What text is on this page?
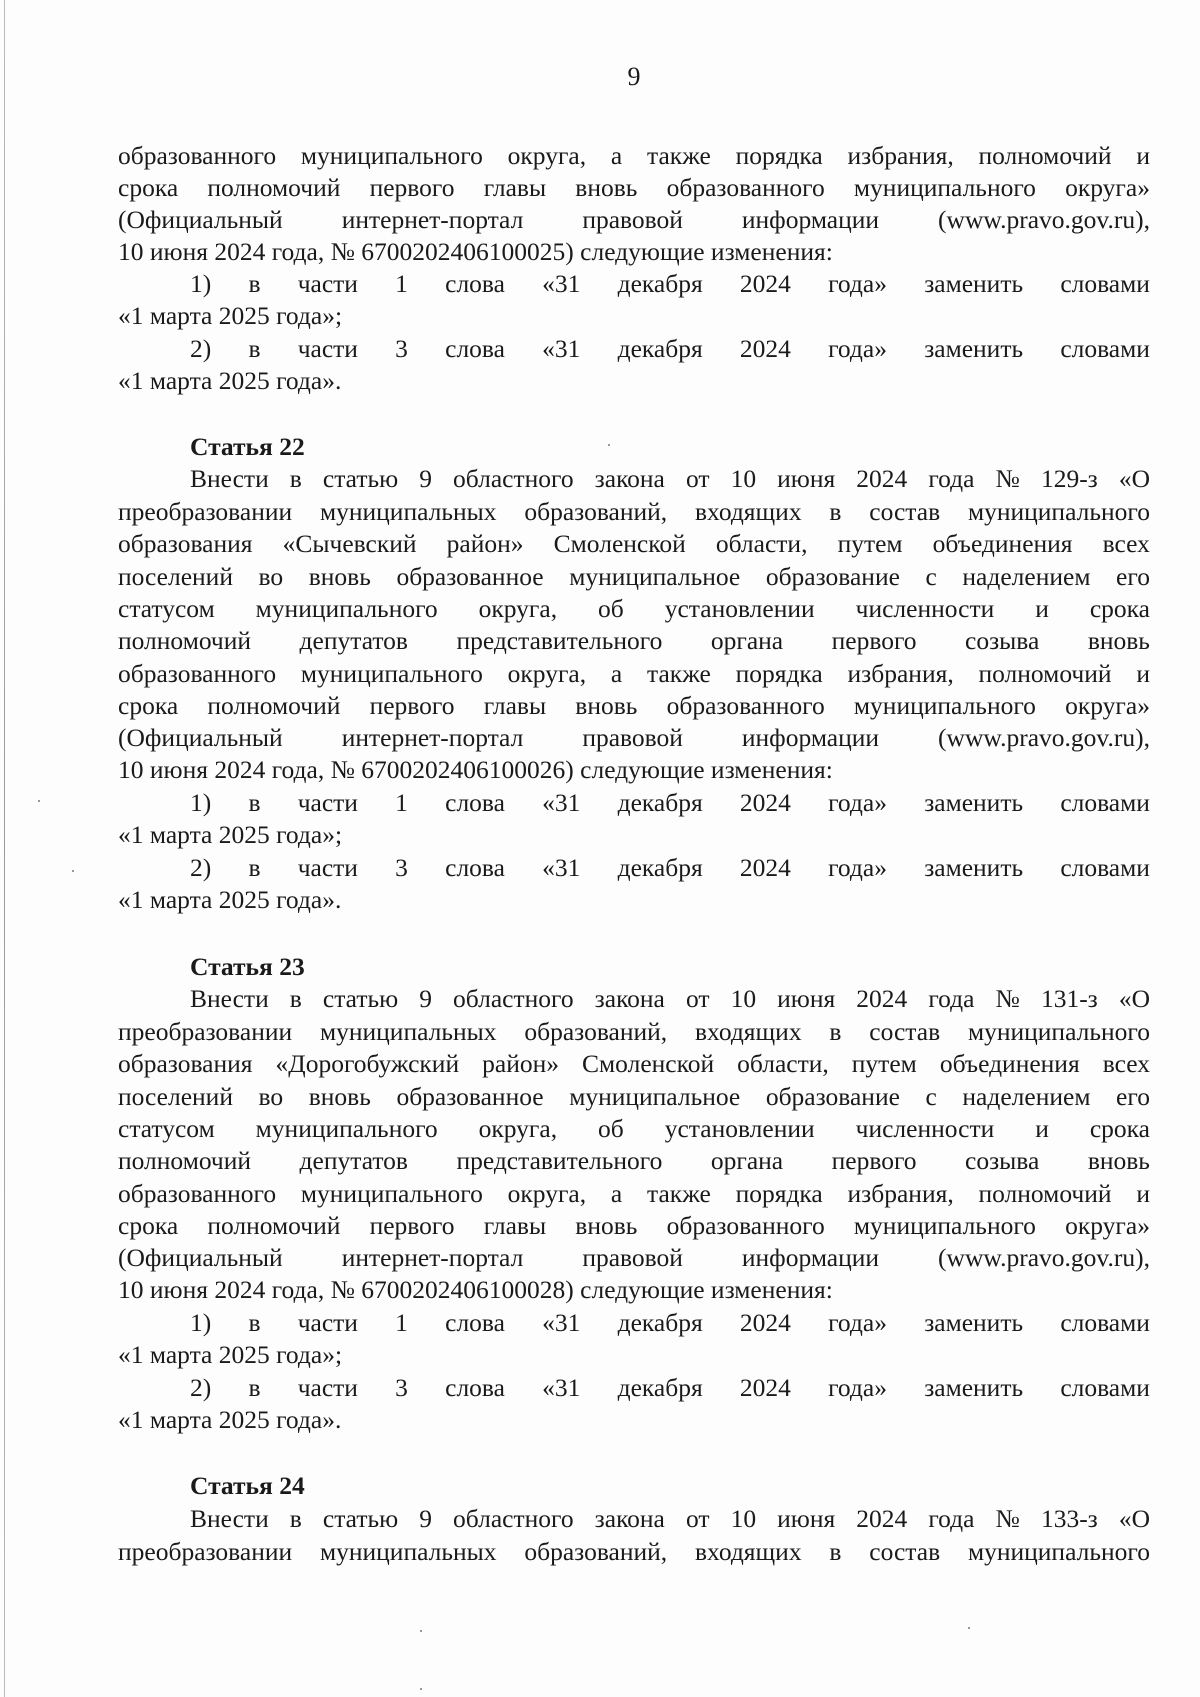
9
образованного муниципального округа, а также порядка избрания, полномочий и
срока полномочий первого главы вновь образованного муниципального округа»
(Официальный интернет-портал правовой информации (www.pravo.gov.ru),
10 июня 2024 года, № 6700202406100025) следующие изменения:
1) в части 1 слова «31 декабря 2024 года» заменить словами
«1 марта 2025 года»;
2) в части 3 слова «31 декабря 2024 года» заменить словами
«1 марта 2025 года».
Статья 22
Внести в статью 9 областного закона от 10 июня 2024 года № 129-з «О
преобразовании муниципальных образований, входящих в состав муниципального
образования «Сычевский район» Смоленской области, путем объединения всех
поселений во вновь образованное муниципальное образование с наделением его
статусом муниципального округа, об установлении численности и срока
полномочий депутатов представительного органа первого созыва вновь
образованного муниципального округа, а также порядка избрания, полномочий и
срока полномочий первого главы вновь образованного муниципального округа»
(Официальный интернет-портал правовой информации (www.pravo.gov.ru),
10 июня 2024 года, № 6700202406100026) следующие изменения:
1) в части 1 слова «31 декабря 2024 года» заменить словами
«1 марта 2025 года»;
2) в части 3 слова «31 декабря 2024 года» заменить словами
«1 марта 2025 года».
Статья 23
Внести в статью 9 областного закона от 10 июня 2024 года № 131-з «О
преобразовании муниципальных образований, входящих в состав муниципального
образования «Дорогобужский район» Смоленской области, путем объединения всех
поселений во вновь образованное муниципальное образование с наделением его
статусом муниципального округа, об установлении численности и срока
полномочий депутатов представительного органа первого созыва вновь
образованного муниципального округа, а также порядка избрания, полномочий и
срока полномочий первого главы вновь образованного муниципального округа»
(Официальный интернет-портал правовой информации (www.pravo.gov.ru),
10 июня 2024 года, № 6700202406100028) следующие изменения:
1) в части 1 слова «31 декабря 2024 года» заменить словами
«1 марта 2025 года»;
2) в части 3 слова «31 декабря 2024 года» заменить словами
«1 марта 2025 года».
Статья 24
Внести в статью 9 областного закона от 10 июня 2024 года № 133-з «О
преобразовании муниципальных образований, входящих в состав муниципального
